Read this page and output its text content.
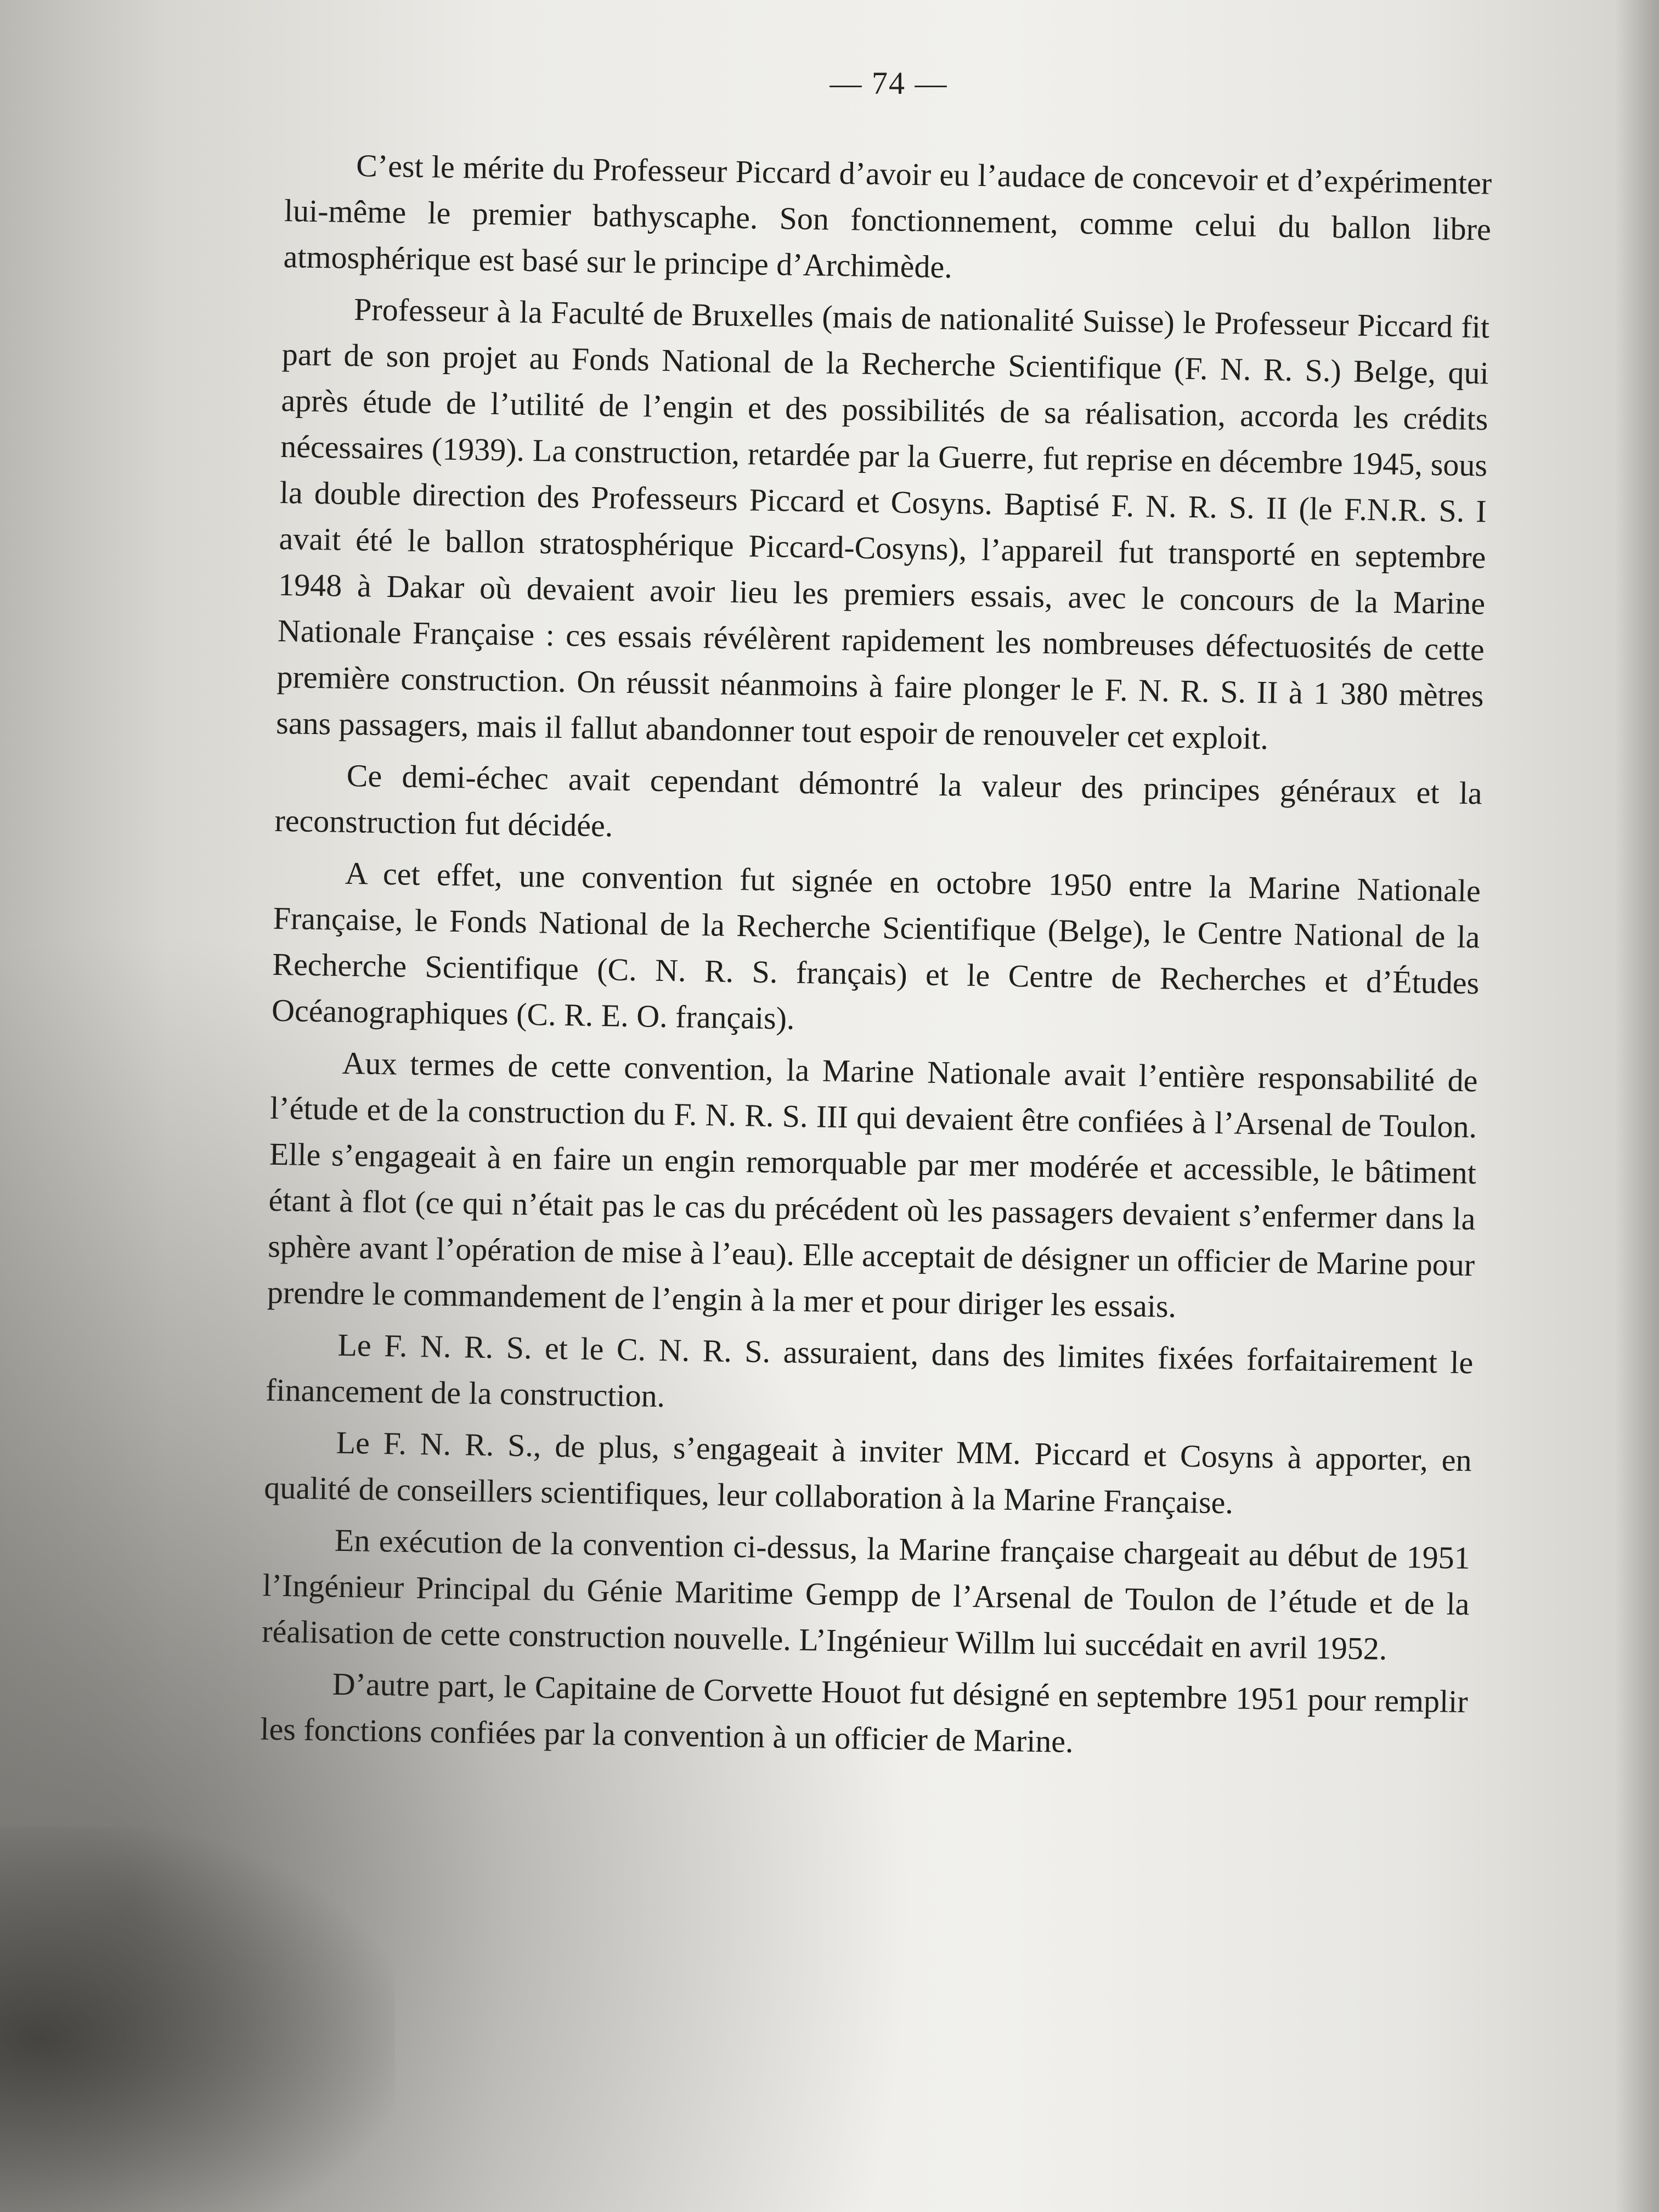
— 74 —

C’est le mérite du Professeur Piccard d’avoir eu l’audace de concevoir et d’expérimenter lui-même le premier bathyscaphe. Son fonctionnement, comme celui du ballon libre atmosphérique est basé sur le principe d’Archimède.

Professeur à la Faculté de Bruxelles (mais de nationalité Suisse) le Professeur Piccard fit part de son projet au Fonds National de la Recherche Scientifique (F. N. R. S.) Belge, qui après étude de l’utilité de l’engin et des possibilités de sa réalisation, accorda les crédits nécessaires (1939). La construction, retardée par la Guerre, fut reprise en décembre 1945, sous la double direction des Professeurs Piccard et Cosyns. Baptisé F. N. R. S. II (le F.N.R. S. I avait été le ballon stratosphérique Piccard-Cosyns), l’appareil fut transporté en septembre 1948 à Dakar où devaient avoir lieu les premiers essais, avec le concours de la Marine Nationale Française : ces essais révélèrent rapidement les nombreuses défectuosités de cette première construction. On réussit néanmoins à faire plonger le F. N. R. S. II à 1 380 mètres sans passagers, mais il fallut abandonner tout espoir de renouveler cet exploit.

Ce demi-échec avait cependant démontré la valeur des principes généraux et la reconstruction fut décidée.

A cet effet, une convention fut signée en octobre 1950 entre la Marine Nationale Française, le Fonds National de la Recherche Scientifique (Belge), le Centre National de la Recherche Scientifique (C. N. R. S. français) et le Centre de Recherches et d’Études Océanographiques (C. R. E. O. français).

Aux termes de cette convention, la Marine Nationale avait l’entière responsabilité de l’étude et de la construction du F. N. R. S. III qui devaient être confiées à l’Arsenal de Toulon. Elle s’engageait à en faire un engin remorquable par mer modérée et accessible, le bâtiment étant à flot (ce qui n’était pas le cas du précédent où les passagers devaient s’enfermer dans la sphère avant l’opération de mise à l’eau). Elle acceptait de désigner un officier de Marine pour prendre le commandement de l’engin à la mer et pour diriger les essais.

Le F. N. R. S. et le C. N. R. S. assuraient, dans des limites fixées forfaitairement le financement de la construction.

Le F. N. R. S., de plus, s’engageait à inviter MM. Piccard et Cosyns à apporter, en qualité de conseillers scientifiques, leur collaboration à la Marine Française.

En exécution de la convention ci-dessus, la Marine française chargeait au début de 1951 l’Ingénieur Principal du Génie Maritime Gempp de l’Arsenal de Toulon de l’étude et de la réalisation de cette construction nouvelle. L’Ingénieur Willm lui succédait en avril 1952.

D’autre part, le Capitaine de Corvette Houot fut désigné en septembre 1951 pour remplir les fonctions confiées par la convention à un officier de Marine.
